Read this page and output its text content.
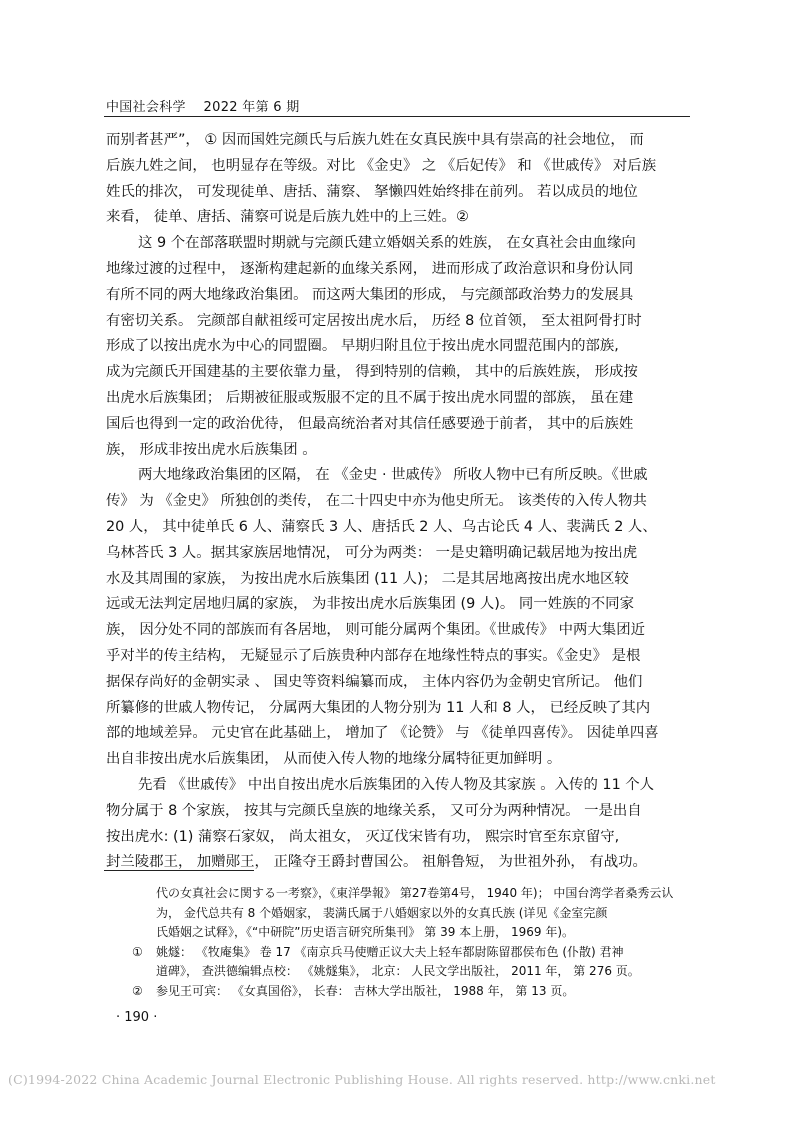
中国社会科学 2022 年第 6 期
而别者甚严”， ① 因而国姓完颜氏与后族九姓在女真民族中具有崇高的社会地位， 而
后族九姓之间， 也明显存在等级。对比 《金史》 之 《后妃传》 和 《世戚传》 对后族
姓氏的排次， 可发现徒单、唐括、蒲察、 拏懒四姓始终排在前列。 若以成员的地位
来看， 徒单、唐括、蒲察可说是后族九姓中的上三姓。②
这 9 个在部落联盟时期就与完颜氏建立婚姻关系的姓族， 在女真社会由血缘向
地缘过渡的过程中， 逐渐构建起新的血缘关系网， 进而形成了政治意识和身份认同
有所不同的两大地缘政治集团。 而这两大集团的形成， 与完颜部政治势力的发展具
有密切关系。 完颜部自献祖绥可定居按出虎水后， 历经 8 位首领， 至太祖阿骨打时
形成了以按出虎水为中心的同盟圈。 早期归附且位于按出虎水同盟范围内的部族,
成为完颜氏开国建基的主要依靠力量， 得到特别的信赖， 其中的后族姓族， 形成按
出虎水后族集团； 后期被征服或叛服不定的且不属于按出虎水同盟的部族， 虽在建
国后也得到一定的政治优待， 但最高统治者对其信任感要逊于前者， 其中的后族姓
族， 形成非按出虎水后族集团 。
两大地缘政治集团的区隔， 在 《金史 · 世戚传》 所收人物中已有所反映。《世戚
传》 为 《金史》 所独创的类传， 在二十四史中亦为他史所无。 该类传的入传人物共
20 人， 其中徒单氏 6 人、蒲察氏 3 人、唐括氏 2 人、乌古论氏 4 人、裴满氏 2 人、
乌林荅氏 3 人。据其家族居地情况， 可分为两类： 一是史籍明确记载居地为按出虎
水及其周围的家族， 为按出虎水后族集团 (11 人)； 二是其居地离按出虎水地区较
远或无法判定居地归属的家族， 为非按出虎水后族集团 (9 人)。 同一姓族的不同家
族， 因分处不同的部族而有各居地， 则可能分属两个集团。《世戚传》 中两大集团近
乎对半的传主结构， 无疑显示了后族贵种内部存在地缘性特点的事实。《金史》 是根
据保存尚好的金朝实录 、 国史等资料编纂而成， 主体内容仍为金朝史官所记。 他们
所纂修的世戚人物传记， 分属两大集团的人物分别为 11 人和 8 人， 已经反映了其内
部的地域差异。 元史官在此基础上， 增加了 《论赞》 与 《徒单四喜传》。 因徒单四喜
出自非按出虎水后族集团， 从而使入传人物的地缘分属特征更加鲜明 。
先看 《世戚传》 中出自按出虎水后族集团的入传人物及其家族 。入传的 11 个人
物分属于 8 个家族， 按其与完颜氏皇族的地缘关系， 又可分为两种情况。 一是出自
按出虎水: (1) 蒲察石家奴， 尚太祖女， 灭辽伐宋皆有功， 熙宗时官至东京留守,
封兰陵郡王， 加赠郧王， 正隆夺王爵封曹国公。 祖斛鲁短， 为世祖外孙， 有战功。
代の女真社会に関する一考察》，《東洋學報》 第27卷第4号， 1940 年)； 中国台湾学者桑秀云认
为， 金代总共有 8 个婚姻家， 裴满氏属于八婚姻家以外的女真氏族 (详见《金室完颜
氏婚姻之试释》，《“中研院”历史语言研究所集刊》 第 39 本上册， 1969 年)。
① 姚燧： 《牧庵集》 卷 17 《南京兵马使赠正议大夫上轻车都尉陈留郡侯布色 (仆散) 君神
道碑》， 查洪德编辑点校： 《姚燧集》， 北京： 人民文学出版社， 2011 年， 第 276 页。
② 参见王可宾： 《女真国俗》， 长春： 吉林大学出版社， 1988 年， 第 13 页。
· 190 ·
(C)1994-2022 China Academic Journal Electronic Publishing House. All rights reserved. http://www.cnki.net
